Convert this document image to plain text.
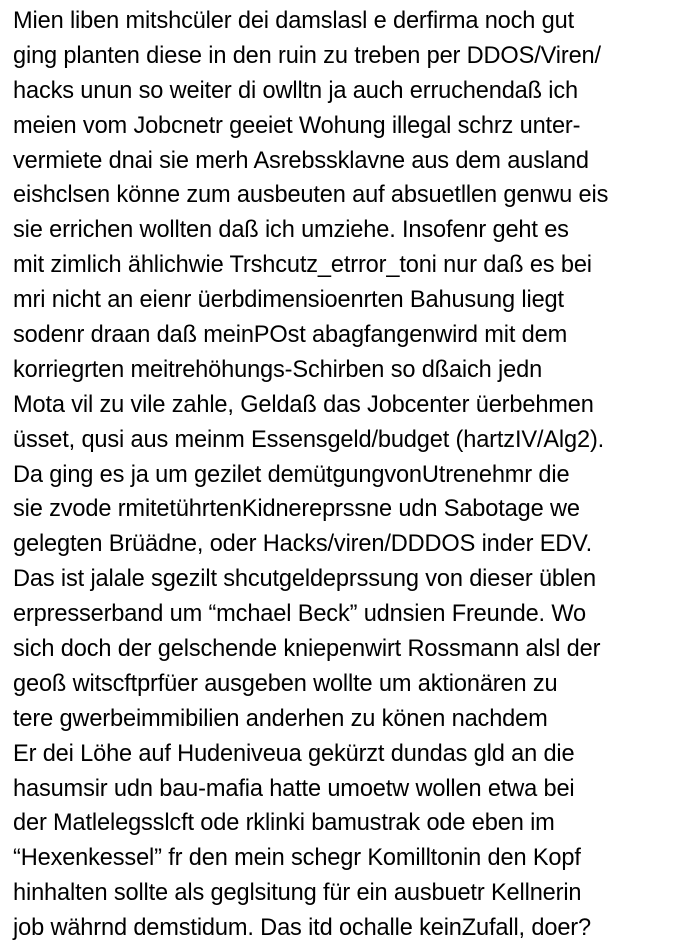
Mien liben mitshcüler dei damslasl e derfirma noch gut
ging planten diese in den ruin zu treben per DDOS/Viren/
hacks unun so weiter di owlltn ja auch erruchendaß ich
meien vom Jobcnetr geeiet Wohung illegal schrz unter-
vermiete dnai sie merh Asrebssklavne aus dem ausland
eishclsen könne zum ausbeuten auf absuetllen genwu eis
sie errichen wollten daß ich umziehe. Insofenr geht es
mit zimlich ählichwie Trshcutz_etrror_toni nur daß es bei
mri nicht an eienr üerbdimensioenrten Bahusung liegt
sodenr draan daß meinPOst abagfangenwird mit dem
korriegrten meitrehöhungs-Schirben so dßaich jedn
Mota vil zu vile zahle, Geldaß das Jobcenter üerbehmen
üsset, qusi aus meinm Essensgeld/budget (hartzIV/Alg2).
Da ging es ja um gezilet demütgungvonUtrenehmr die
sie zvode rmitetührtenKidnereprssne udn Sabotage we
gelegten Brüädne, oder Hacks/viren/DDDOS inder EDV.
Das ist jalale sgezilt shcutgeldeprssung von dieser üblen
erpresserband um “mchael Beck” udnsien Freunde. Wo
sich doch der gelschende kniepenwirt Rossmann alsl der
geoß witscftprfüer ausgeben wollte um aktionären zu
tere gwerbeimmibilien anderhen zu könen nachdem
Er dei Löhe auf Hudeniveua gekürzt dundas gld an die
hasumsir udn bau-mafia hatte umoetw wollen etwa bei
der Matlelegsslcft ode rklinki bamustrak ode eben im
“Hexenkessel” fr den mein schegr Komilltonin den Kopf
hinhalten sollte als geglsitung für ein ausbuetr Kellnerin
job währnd demstidum. Das itd ochalle keinZufall, doer?
